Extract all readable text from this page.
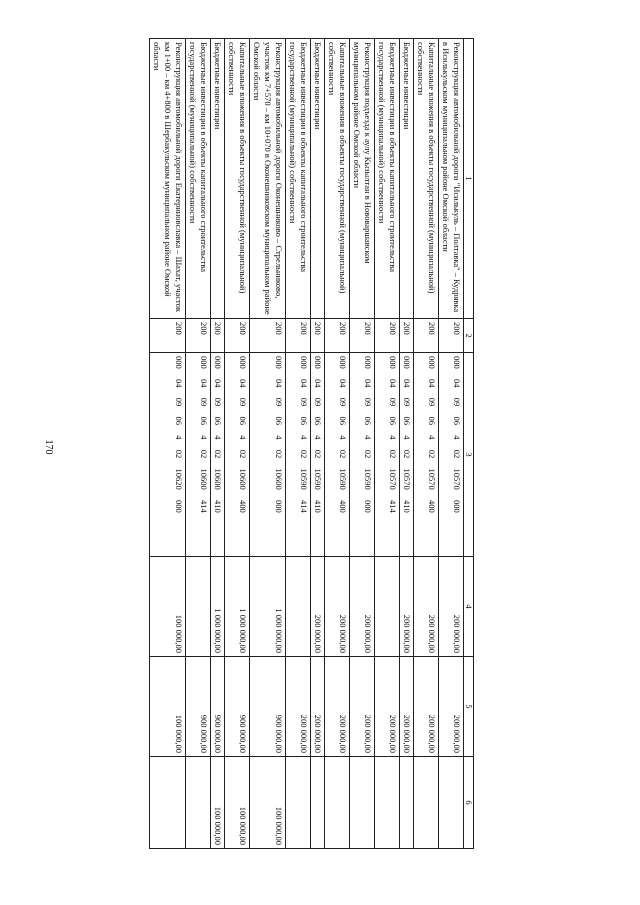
170
1	2	3	4	5	6
Реконструкция автомобильной дороги "Исилькуль – Полтавка" – Кудрявка в Исилькульском муниципальном районе Омской области	200	000  04  09  06  4  02  10570  000	200 000,00	200 000,00	
Капитальные вложения в объекты государственной (муниципальной) собственности	200	000  04  09  06  4  02  10570  400	200 000,00	200 000,00	
Бюджетные инвестиции	200	000  04  09  06  4  02  10570  410	200 000,00	200 000,00	
Бюджетные инвестиции в объекты капитального строительства государственной (муниципальной) собственности	200	000  04  09  06  4  02  10570  414		200 000,00	
Реконструкция подъезда к аулу Кызылтан в Нововаршавском муниципальном районе Омской области	200	000  04  09  06  4  02  10590  000	200 000,00	200 000,00	
Капитальные вложения в объекты государственной (муниципальной) собственности	200	000  04  09  06  4  02  10590  400	200 000,00	200 000,00	
Бюджетные инвестиции	200	000  04  09  06  4  02  10590  410	200 000,00	200 000,00	
Бюджетные инвестиции в объекты капитального строительства государственной (муниципальной) собственности	200	000  04  09  06  4  02  10590  414		200 000,00	
Реконструкция автомобильной дороги Оконешниково – Стрельниково, участок км 7+570 – км 10+070 в Оконешниковском муниципальном районе Омской области	200	000  04  09  06  4  02  10600  000	1 000 000,00	900 000,00	100 000,00
Капитальные вложения в объекты государственной (муниципальной) собственности	200	000  04  09  06  4  02  10600  400	1 000 000,00	900 000,00	100 000,00
Бюджетные инвестиции	200	000  04  09  06  4  02  10600  410	1 000 000,00	900 000,00	100 000,00
Бюджетные инвестиции в объекты капитального строительства государственной (муниципальной) собственности	200	000  04  09  06  4  02  10600  414		900 000,00	
Реконструкция автомобильной дороги Екатериновславка – Шахат, участок км 1+00 – км 4+800 в Шербакульском муниципальном районе Омской области	200	000  04  09  06  4  02  10620  000	100 000,00	100 000,00	
